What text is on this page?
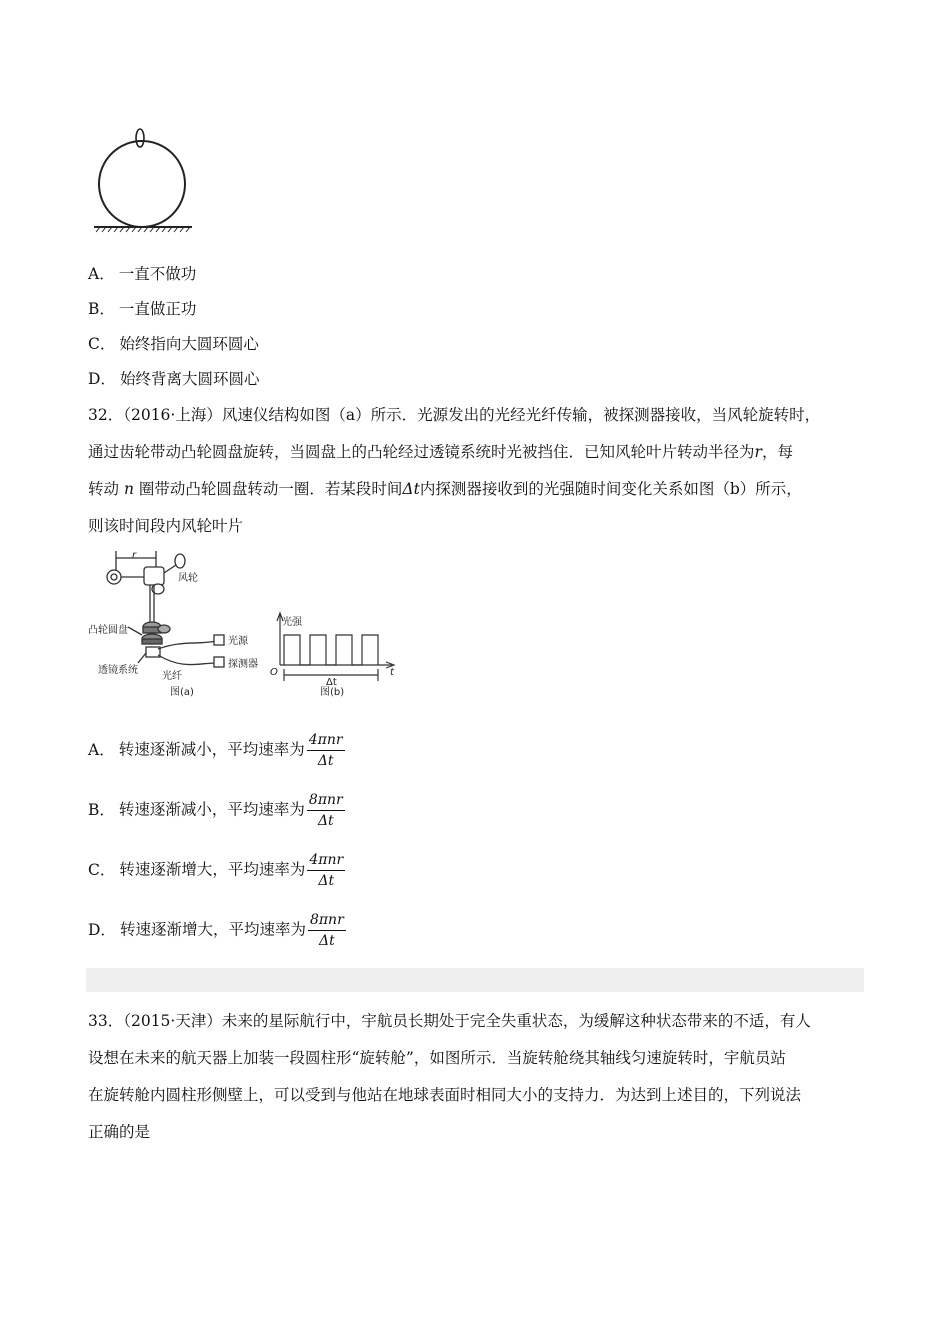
A． 一直不做功
B． 一直做正功
C． 始终指向大圆环圆心
D． 始终背离大圆环圆心
32．（2016·上海）风速仪结构如图（a）所示．光源发出的光经光纤传输，被探测器接收，当风轮旋转时，
通过齿轮带动凸轮圆盘旋转，当圆盘上的凸轮经过透镜系统时光被挡住．已知风轮叶片转动半径为r，每
转动 n 圈带动凸轮圆盘转动一圈．若某段时间Δt内探测器接收到的光强随时间变化关系如图（b）所示，
则该时间段内风轮叶片
r
风轮
凸轮圆盘
光源
探测器
透镜系统
光纤
图(a)
光强
O
Δt
t
图(b)
A． 转速逐渐减小，平均速率为 $\frac{\text{4πnr}}{\Delta t}$
B． 转速逐渐减小，平均速率为 $\frac{\text{8πnr}}{\Delta t}$
C． 转速逐渐增大，平均速率为 $\frac{\text{4πnr}}{\Delta t}$
D． 转速逐渐增大，平均速率为 $\frac{\text{8πnr}}{\Delta t}$
33．（2015·天津）未来的星际航行中，宇航员长期处于完全失重状态，为缓解这种状态带来的不适，有人
设想在未来的航天器上加装一段圆柱形“旋转舱”，如图所示．当旋转舱绕其轴线匀速旋转时，宇航员站
在旋转舱内圆柱形侧壁上，可以受到与他站在地球表面时相同大小的支持力．为达到上述目的，下列说法
正确的是
